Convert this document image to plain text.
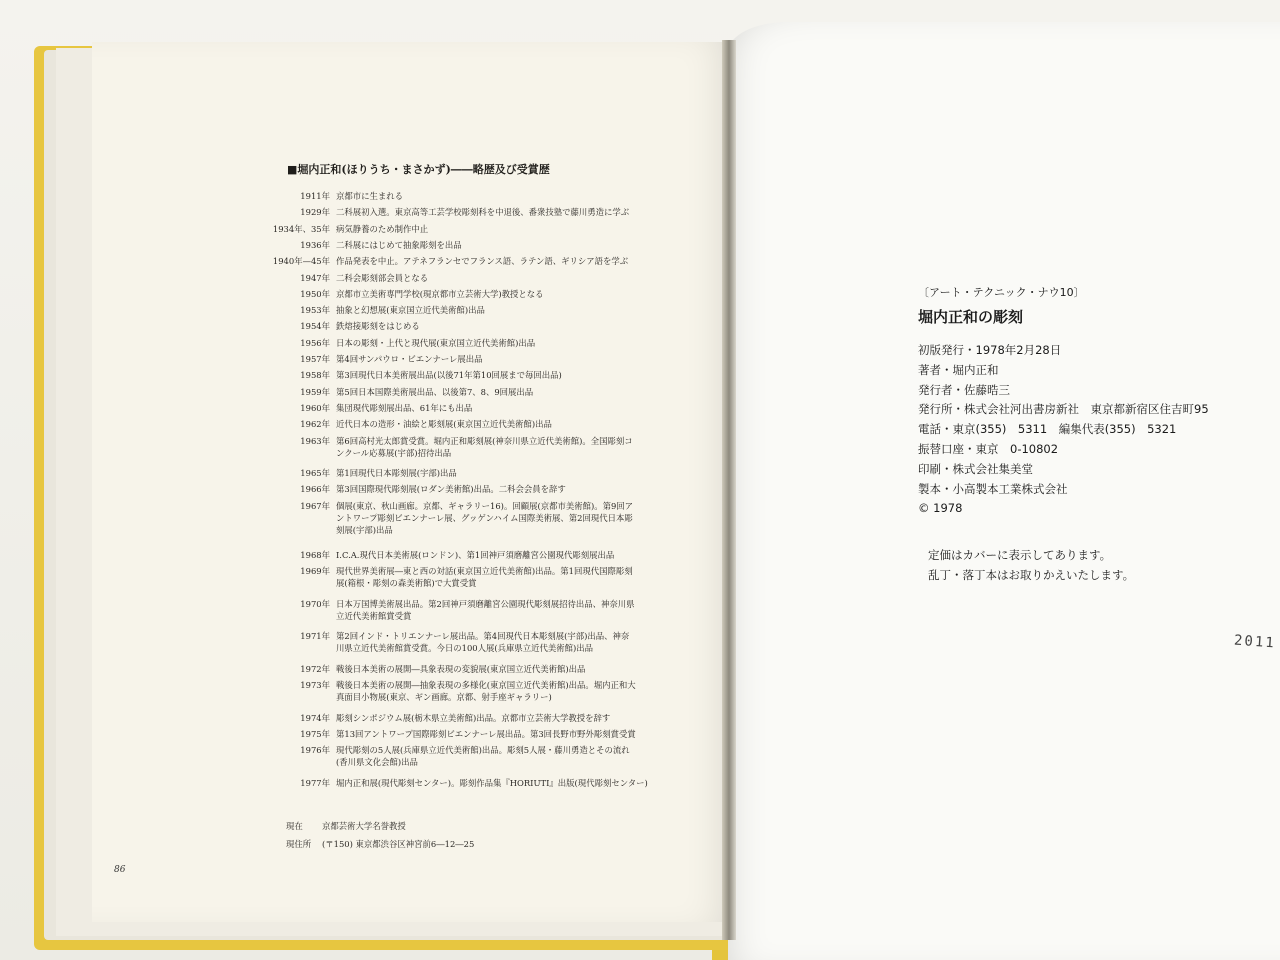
■堀内正和(ほりうち・まさかず)――略歴及び受賞歴
1911年 京都市に生まれる
1929年 二科展初入選。東京高等工芸学校彫刻科を中退後、番衆技塾で藤川勇造に学ぶ
1934年、35年 病気静養のため制作中止
1936年 二科展にはじめて抽象彫刻を出品
1940年—45年 作品発表を中止。アテネフランセでフランス語、ラテン語、ギリシア語を学ぶ
1947年 二科会彫刻部会員となる
1950年 京都市立美術専門学校(現京都市立芸術大学)教授となる
1953年 抽象と幻想展(東京国立近代美術館)出品
1954年 鉄熔接彫刻をはじめる
1956年 日本の彫刻・上代と現代展(東京国立近代美術館)出品
1957年 第4回サンパウロ・ビエンナーレ展出品
1958年 第3回現代日本美術展出品(以後71年第10回展まで毎回出品)
1959年 第5回日本国際美術展出品、以後第7、8、9回展出品
1960年 集団現代彫刻展出品、61年にも出品
1962年 近代日本の造形・油絵と彫刻展(東京国立近代美術館)出品
1963年 第6回高村光太郎賞受賞。堀内正和彫刻展(神奈川県立近代美術館)。全国彫刻コ
ンクール応募展(宇部)招待出品
1965年 第1回現代日本彫刻展(宇部)出品
1966年 第3回国際現代彫刻展(ロダン美術館)出品。二科会会員を辞す
1967年 個展(東京、秋山画廊。京都、ギャラリー16)。回顧展(京都市美術館)。第9回ア
ントワープ彫刻ビエンナーレ展、グッゲンハイム国際美術展、第2回現代日本彫
刻展(宇部)出品
1968年 I.C.A.現代日本美術展(ロンドン)、第1回神戸須磨離宮公園現代彫刻展出品
1969年 現代世界美術展―東と西の対話(東京国立近代美術館)出品。第1回現代国際彫刻
展(箱根・彫刻の森美術館)で大賞受賞
1970年 日本万国博美術展出品。第2回神戸須磨離宮公園現代彫刻展招待出品、神奈川県
立近代美術館賞受賞
1971年 第2回インド・トリエンナーレ展出品。第4回現代日本彫刻展(宇部)出品、神奈
川県立近代美術館賞受賞。今日の100人展(兵庫県立近代美術館)出品
1972年 戦後日本美術の展開―具象表現の変貌展(東京国立近代美術館)出品
1973年 戦後日本美術の展開―抽象表現の多様化(東京国立近代美術館)出品。堀内正和大
真面目小物展(東京、ギン画廊。京都、射手座ギャラリー)
1974年 彫刻シンポジウム展(栃木県立美術館)出品。京都市立芸術大学教授を辞す
1975年 第13回アントワープ国際彫刻ビエンナーレ展出品。第3回長野市野外彫刻賞受賞
1976年 現代彫刻の5人展(兵庫県立近代美術館)出品。彫刻5人展・藤川勇造とその流れ
(香川県文化会館)出品
1977年 堀内正和展(現代彫刻センター)。彫刻作品集『HORIUTI』出版(現代彫刻センター)
現在 京都芸術大学名誉教授
現住所 (〒150) 東京都渋谷区神宮前6―12―25
86
〔アート・テクニック・ナウ10〕
堀内正和の彫刻
初版発行・1978年2月28日
著者・堀内正和
発行者・佐藤晧三
発行所・株式会社河出書房新社　東京都新宿区住吉町95
電話・東京(355)　5311　編集代表(355)　5321
振替口座・東京　0-10802
印刷・株式会社集美堂
製本・小高製本工業株式会社
© 1978
定価はカバーに表示してあります。
乱丁・落丁本はお取りかえいたします。
2011
